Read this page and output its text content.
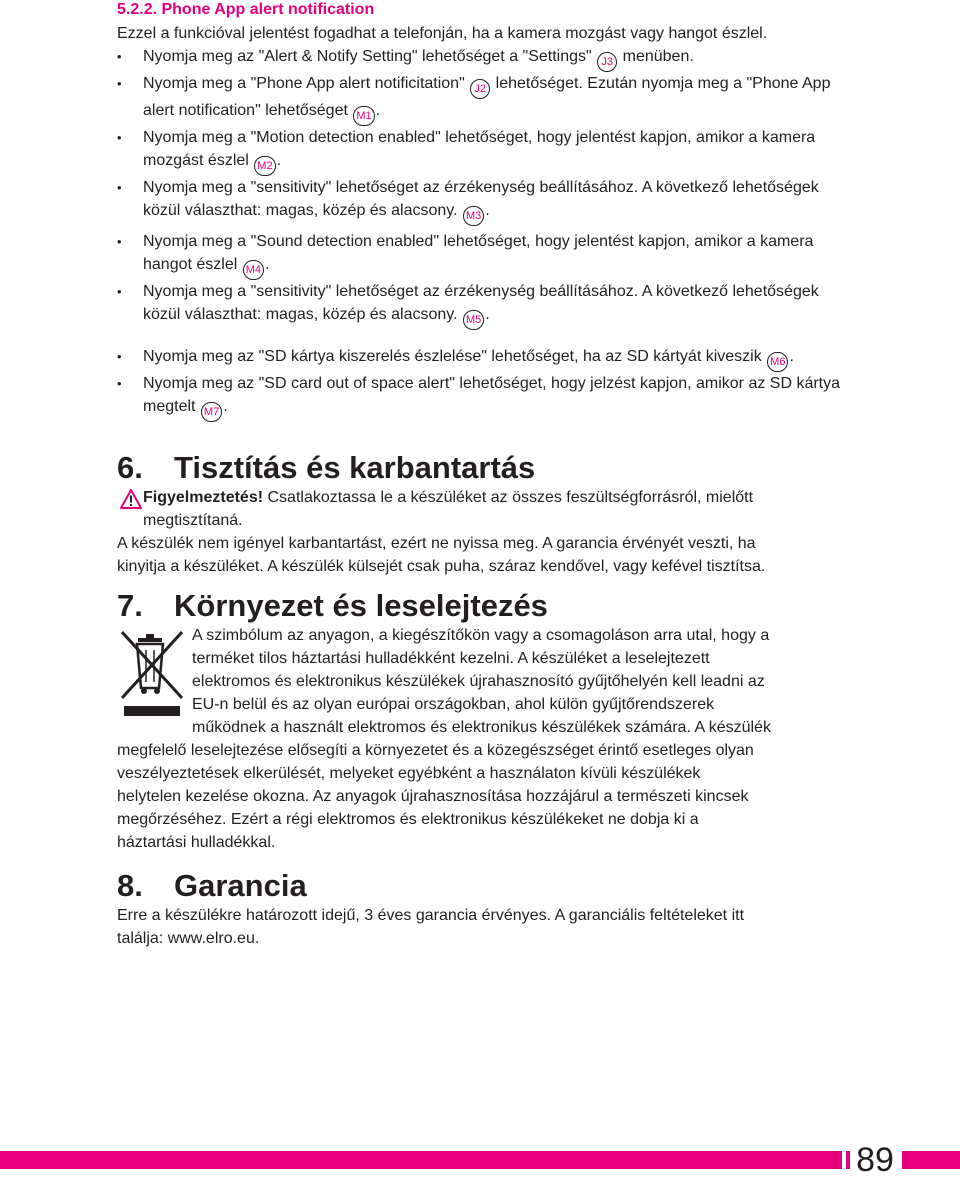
5.2.2. Phone App alert notification
Ezzel a funkcióval jelentést fogadhat a telefonján, ha a kamera mozgást vagy hangot észlel.
• Nyomja meg az "Alert & Notify Setting" lehetőséget a "Settings" J3 menüben.
• Nyomja meg a "Phone App alert notificitation" J2 lehetőséget. Ezután nyomja meg a "Phone App alert notification" lehetőséget M1 .
• Nyomja meg a "Motion detection enabled" lehetőséget, hogy jelentést kapjon, amikor a kamera mozgást észlel M2 .
• Nyomja meg a "sensitivity" lehetőséget az érzékenység beállításához. A következő lehetőségek közül választhat: magas, közép és alacsony. M3 .
• Nyomja meg a "Sound detection enabled" lehetőséget, hogy jelentést kapjon, amikor a kamera hangot észlel M4 .
• Nyomja meg a "sensitivity" lehetőséget az érzékenység beállításához. A következő lehetőségek közül választhat: magas, közép és alacsony. M5 .
• Nyomja meg az "SD kártya kiszerelés észlelése" lehetőséget, ha az SD kártyát kiveszik M6 .
• Nyomja meg az "SD card out of space alert" lehetőséget, hogy jelzést kapjon, amikor az SD kártya megtelt M7 .
6. Tisztítás és karbantartás
Figyelmeztetés! Csatlakoztassa le a készüléket az összes feszültségforrásról, mielőtt
megtisztítaná.
A készülék nem igényel karbantartást, ezért ne nyissa meg. A garancia érvényét veszti, ha
kinyitja a készüléket. A készülék külsejét csak puha, száraz kendővel, vagy kefével tisztítsa.
7. Környezet és leselejtezés
A szimbólum az anyagon, a kiegészítőkön vagy a csomagoláson arra utal, hogy a
terméket tilos háztartási hulladékként kezelni. A készüléket a leselejtezett
elektromos és elektronikus készülékek újrahasznosító gyűjtőhelyén kell leadni az
EU-n belül és az olyan európai országokban, ahol külön gyűjtőrendszerek
működnek a használt elektromos és elektronikus készülékek számára. A készülék
megfelelő leselejtezése elősegíti a környezetet és a közegészséget érintő esetleges olyan
veszélyeztetések elkerülését, melyeket egyébként a használaton kívüli készülékek
helytelen kezelése okozna. Az anyagok újrahasznosítása hozzájárul a természeti kincsek
megőrzéséhez. Ezért a régi elektromos és elektronikus készülékeket ne dobja ki a
háztartási hulladékkal.
8. Garancia
Erre a készülékre határozott idejű, 3 éves garancia érvényes. A garanciális feltételeket itt
találja: www.elro.eu.
89
